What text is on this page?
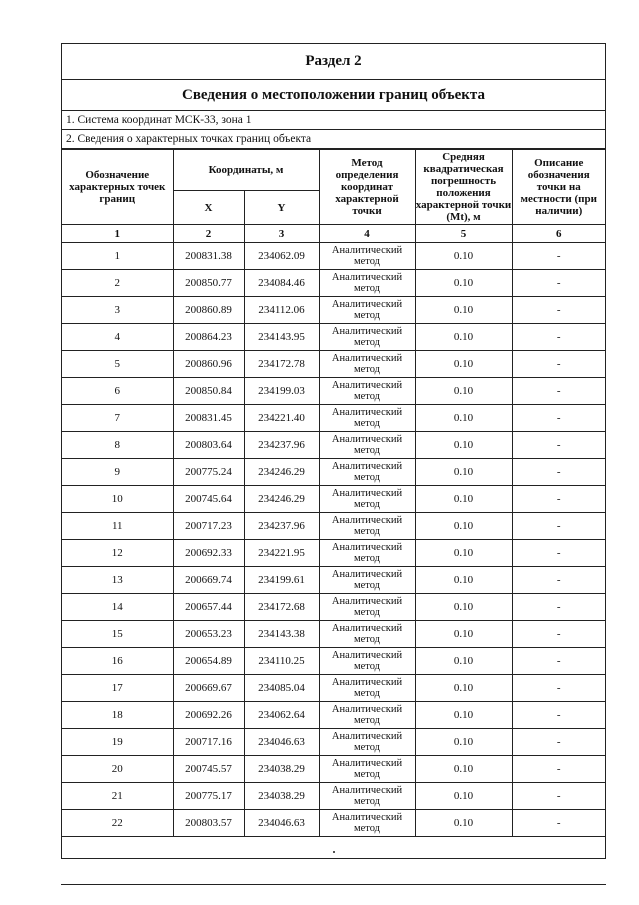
Раздел 2
Сведения о местоположении границ объекта
1. Система координат МСК-33, зона 1
2. Сведения о характерных точках границ объекта
Обозначение характерных точек границ	Координаты, м		Метод определения координат характерной точки	Средняя квадратическая погрешность положения характерной точки (Mt), м	Описание обозначения точки на местности (при наличии)
	X	Y			
1	2	3	4	5	6
1	200831.38	234062.09	Аналитический метод	0.10	-
2	200850.77	234084.46	Аналитический метод	0.10	-
3	200860.89	234112.06	Аналитический метод	0.10	-
4	200864.23	234143.95	Аналитический метод	0.10	-
5	200860.96	234172.78	Аналитический метод	0.10	-
6	200850.84	234199.03	Аналитический метод	0.10	-
7	200831.45	234221.40	Аналитический метод	0.10	-
8	200803.64	234237.96	Аналитический метод	0.10	-
9	200775.24	234246.29	Аналитический метод	0.10	-
10	200745.64	234246.29	Аналитический метод	0.10	-
11	200717.23	234237.96	Аналитический метод	0.10	-
12	200692.33	234221.95	Аналитический метод	0.10	-
13	200669.74	234199.61	Аналитический метод	0.10	-
14	200657.44	234172.68	Аналитический метод	0.10	-
15	200653.23	234143.38	Аналитический метод	0.10	-
16	200654.89	234110.25	Аналитический метод	0.10	-
17	200669.67	234085.04	Аналитический метод	0.10	-
18	200692.26	234062.64	Аналитический метод	0.10	-
19	200717.16	234046.63	Аналитический метод	0.10	-
20	200745.57	234038.29	Аналитический метод	0.10	-
21	200775.17	234038.29	Аналитический метод	0.10	-
22	200803.57	234046.63	Аналитический метод	0.10	-
